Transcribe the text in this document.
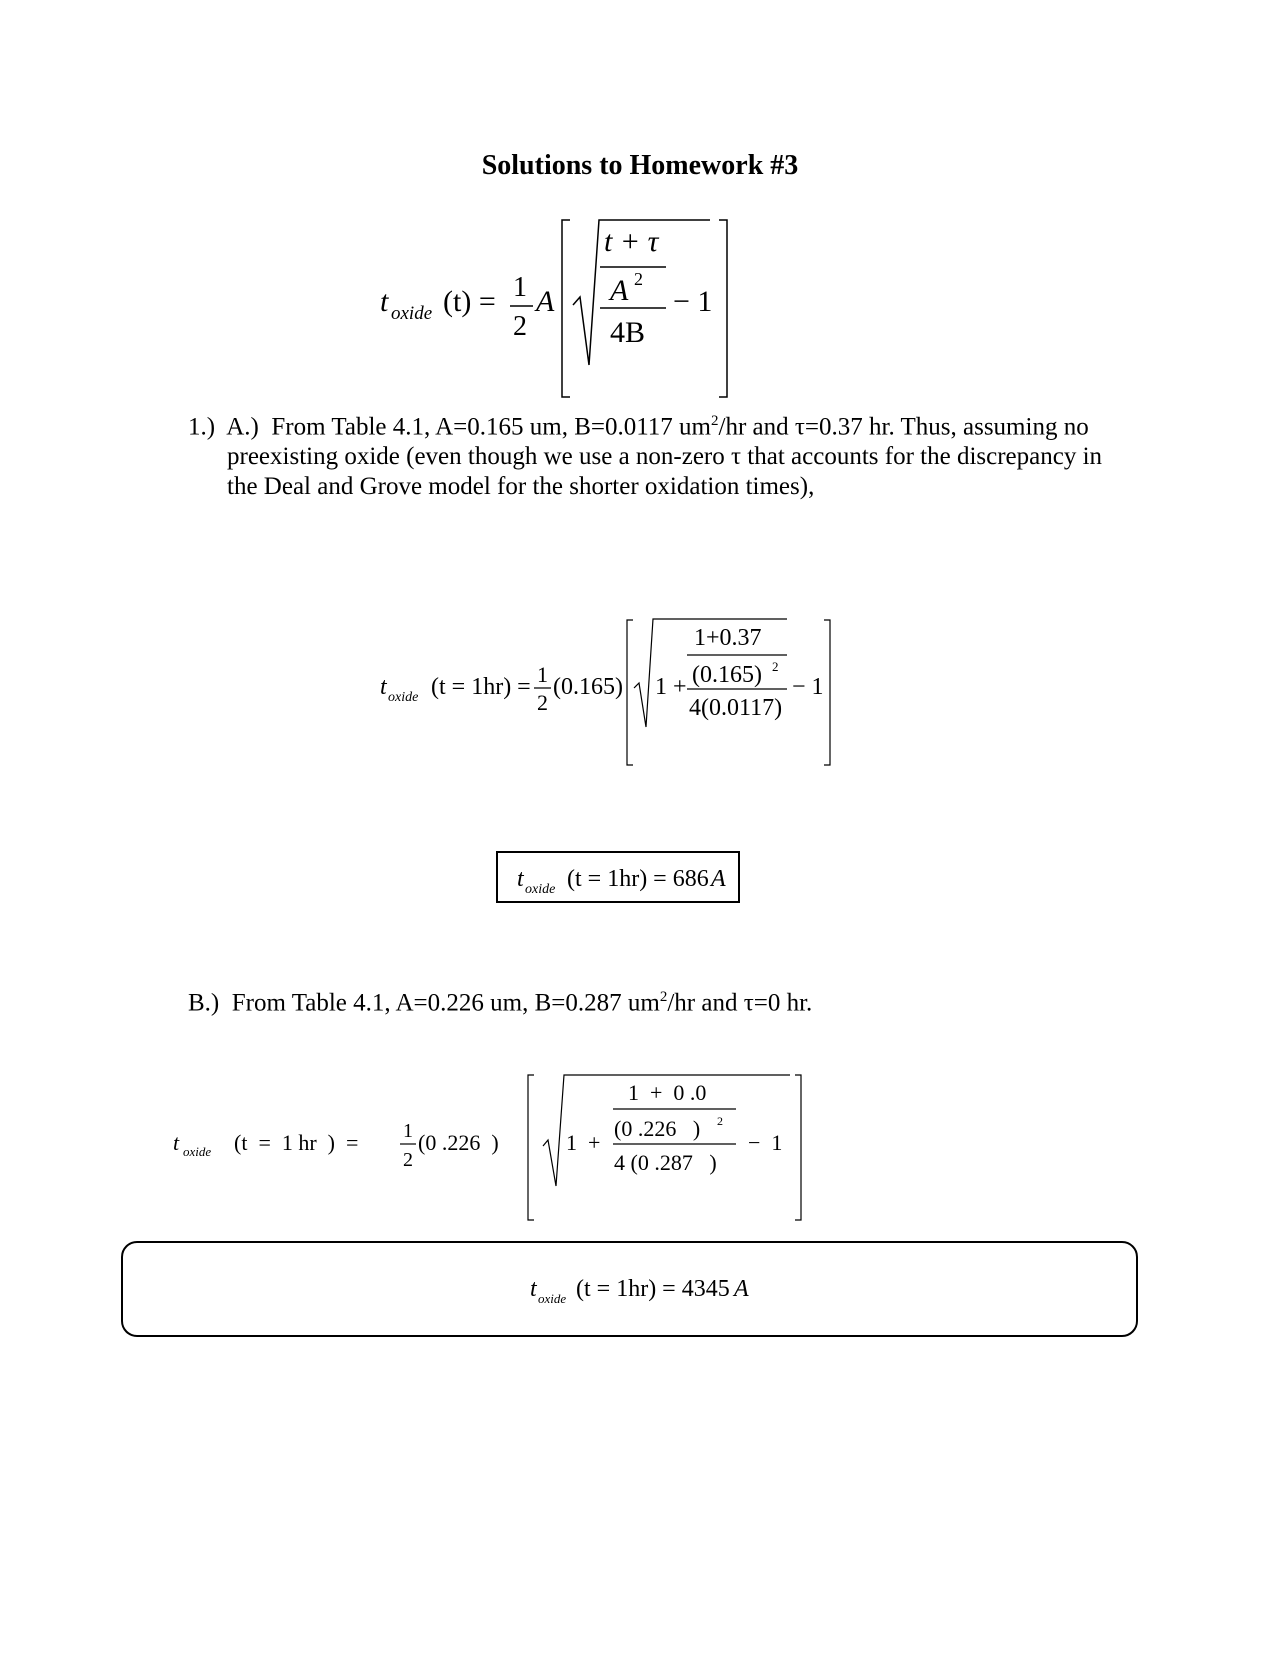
Solutions to Homework #3
t oxide (t) = 1
2
A
t + τ
A 2
4B
− 1
1.) A.) From Table 4.1, A=0.165 um, B=0.0117 $um^2/hr$ and τ=0.37 hr. Thus, assuming no
preexisting oxide (even though we use a non-zero τ that accounts for the discrepancy in
the Deal and Grove model for the shorter oxidation times),
t oxide (t = 1hr) = 1
2
(0.165) 1 +
1+0.37
(0.165) 2
4(0.0117)
− 1
t oxide (t = 1hr) = 686 A
B.) From Table 4.1, A=0.226 um, B=0.287 $um^2/hr$ and τ=0 hr.
t oxide (t  =  1 hr  )  = 1
2
(0 .226  )	1  +
1  +  0 .0
(0 .226   ) 2
4 (0 .287   )
−  1
t oxide (t = 1hr) = 4345 A
